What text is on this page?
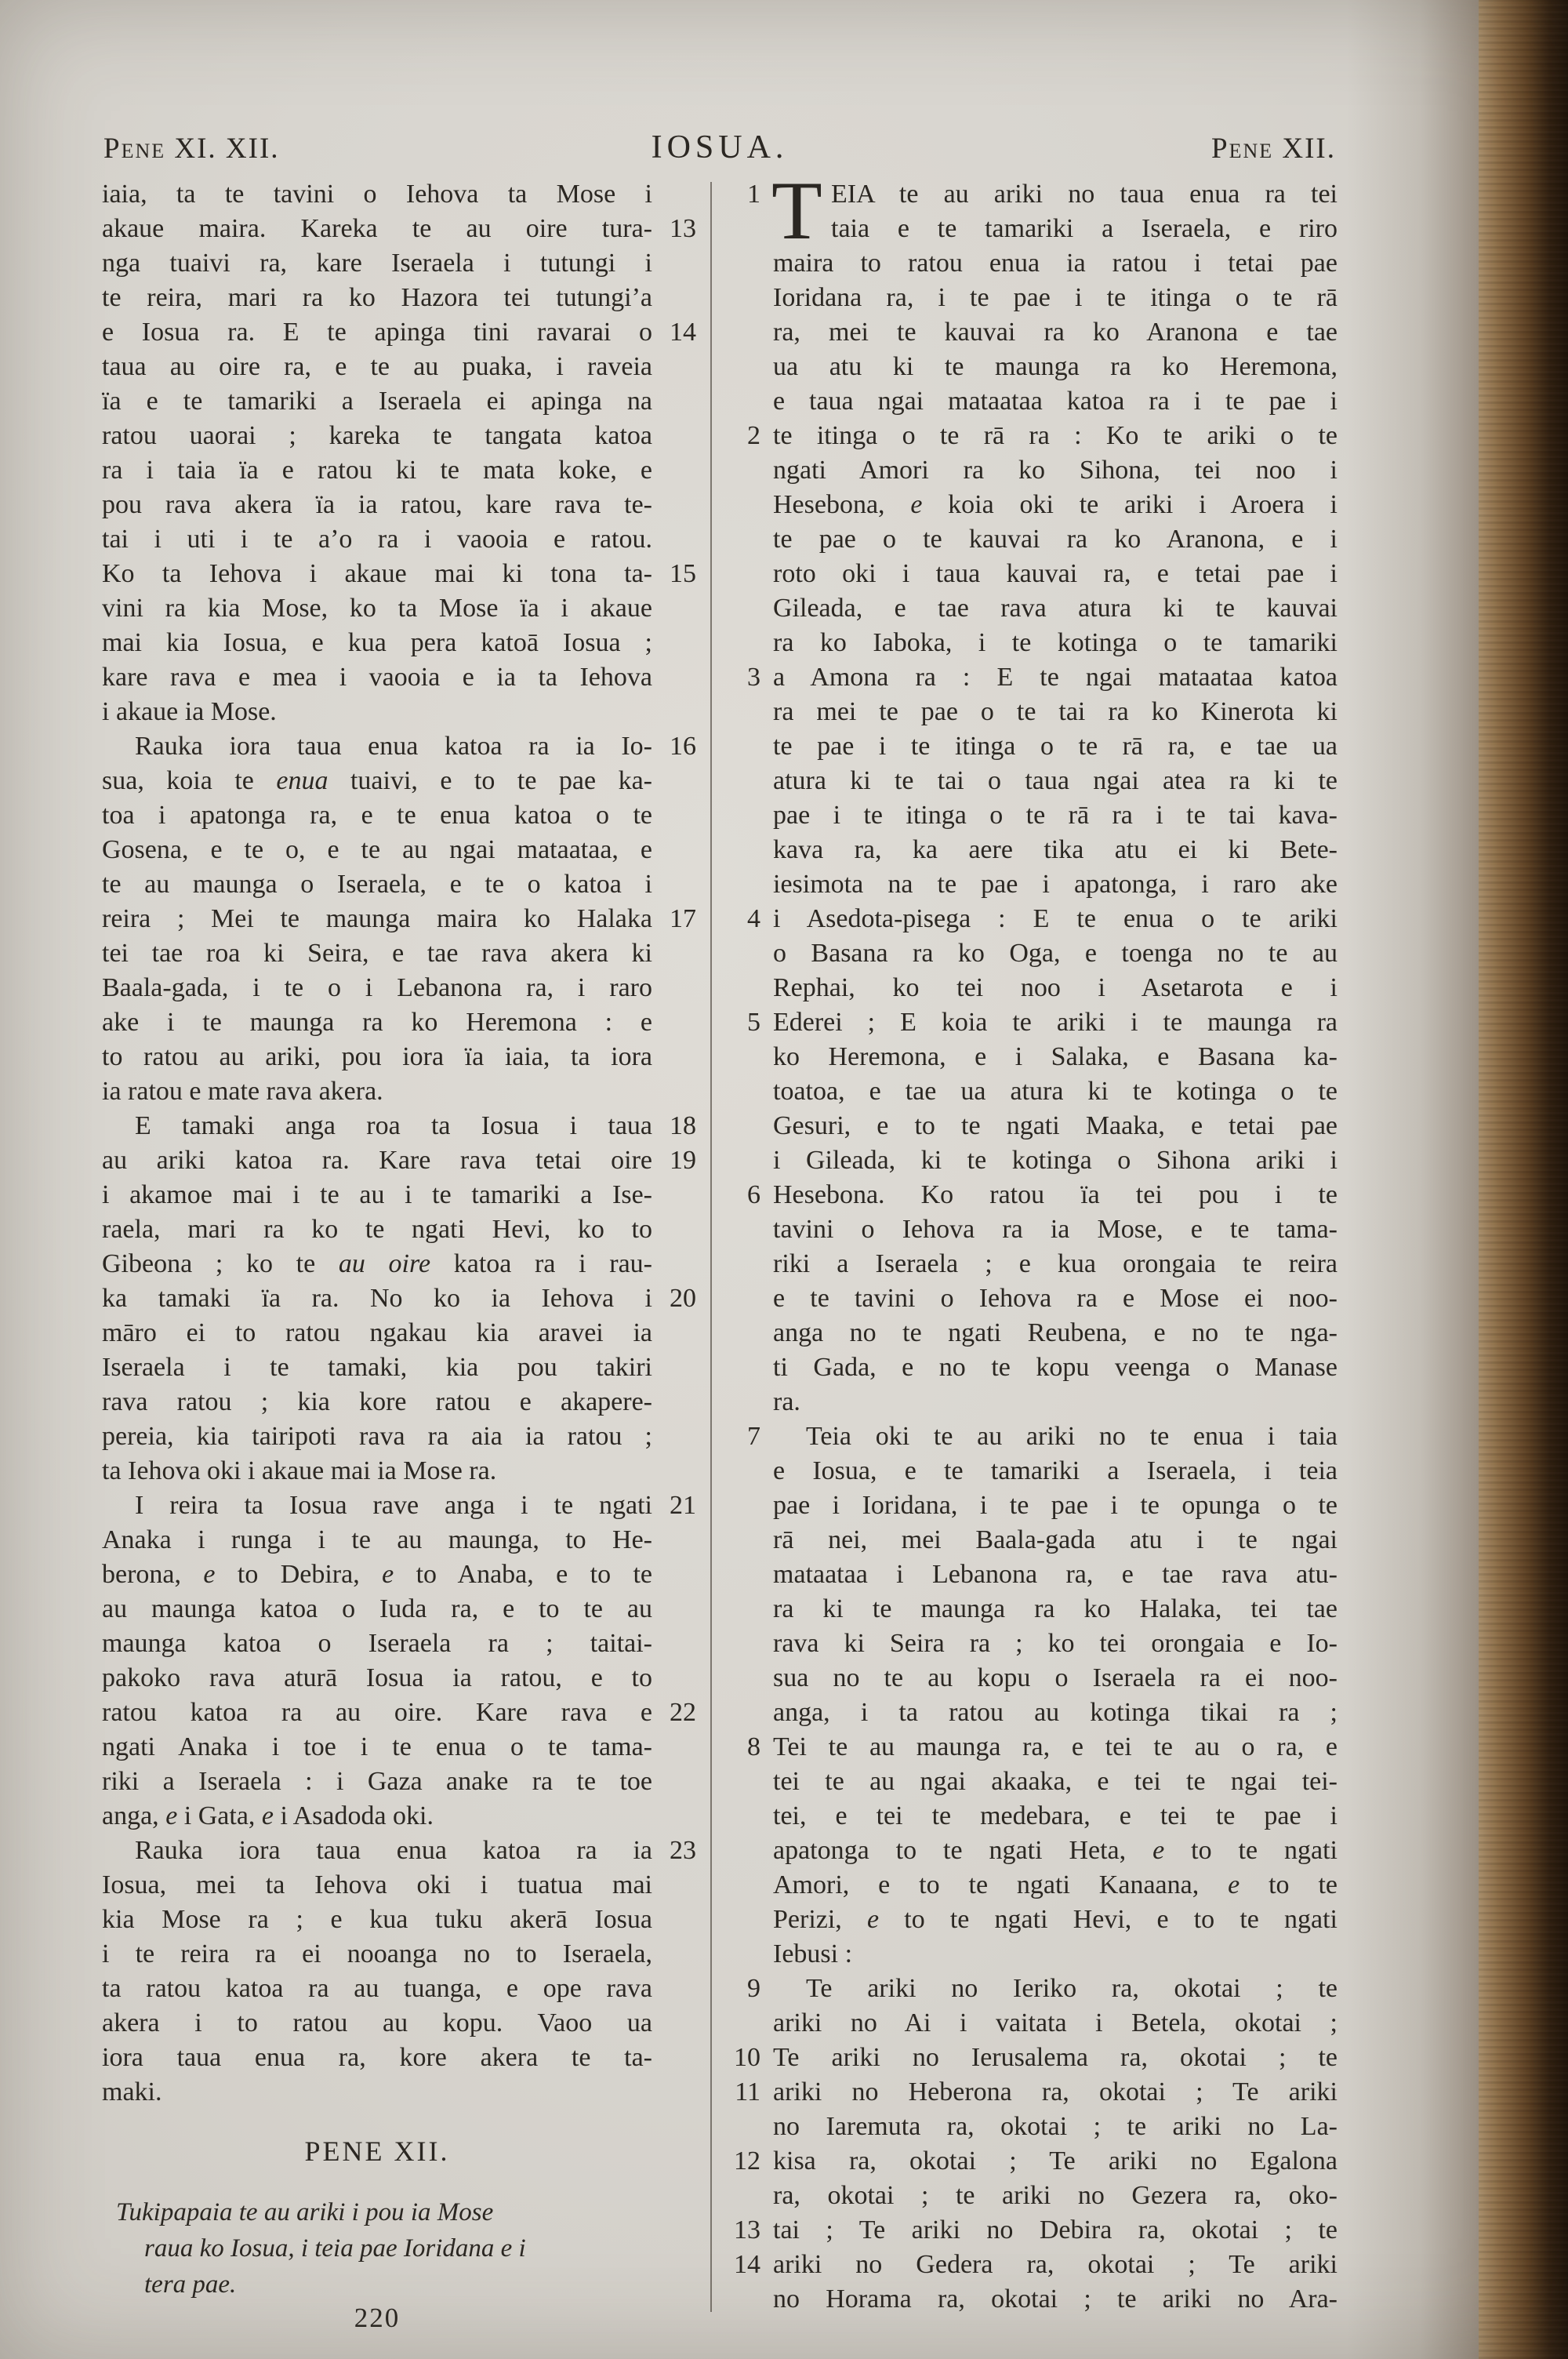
Pene XI. XII.	IOSUA.	Pene XII.
iaia, ta te tavini o Iehova ta Mose i
akaue maira. Kareka te au oire tura- 13
nga tuaivi ra, kare Iseraela i tutungi i
te reira, mari ra ko Hazora tei tutungi’a
e Iosua ra. E te apinga tini ravarai o 14
taua au oire ra, e te au puaka, i raveia
ïa e te tamariki a Iseraela ei apinga na
ratou uaorai ; kareka te tangata katoa
ra i taia ïa e ratou ki te mata koke, e
pou rava akera ïa ia ratou, kare rava te-
tai i uti i te a’o ra i vaooia e ratou.
Ko ta Iehova i akaue mai ki tona ta- 15
vini ra kia Mose, ko ta Mose ïa i akaue
mai kia Iosua, e kua pera katoā Iosua ;
kare rava e mea i vaooia e ia ta Iehova
i akaue ia Mose.
Rauka iora taua enua katoa ra ia Io- 16
sua, koia te enua tuaivi, e to te pae ka-
toa i apatonga ra, e te enua katoa o te
Gosena, e te o, e te au ngai mataataa, e
te au maunga o Iseraela, e te o katoa i
reira ; Mei te maunga maira ko Halaka 17
tei tae roa ki Seira, e tae rava akera ki
Baala-gada, i te o i Lebanona ra, i raro
ake i te maunga ra ko Heremona : e
to ratou au ariki, pou iora ïa iaia, ta iora
ia ratou e mate rava akera.
E tamaki anga roa ta Iosua i taua 18
au ariki katoa ra. Kare rava tetai oire 19
i akamoe mai i te au i te tamariki a Ise-
raela, mari ra ko te ngati Hevi, ko to
Gibeona ; ko te au oire katoa ra i rau-
ka tamaki ïa ra. No ko ia Iehova i 20
māro ei to ratou ngakau kia aravei ia
Iseraela i te tamaki, kia pou takiri
rava ratou ; kia kore ratou e akapere-
pereia, kia tairipoti rava ra aia ia ratou ;
ta Iehova oki i akaue mai ia Mose ra.
I reira ta Iosua rave anga i te ngati 21
Anaka i runga i te au maunga, to He-
berona, e to Debira, e to Anaba, e to te
au maunga katoa o Iuda ra, e to te au
maunga katoa o Iseraela ra ; taitai-
pakoko rava aturā Iosua ia ratou, e to
ratou katoa ra au oire. Kare rava e 22
ngati Anaka i toe i te enua o te tama-
riki a Iseraela : i Gaza anake ra te toe
anga, e i Gata, e i Asadoda oki.
Rauka iora taua enua katoa ra ia 23
Iosua, mei ta Iehova oki i tuatua mai
kia Mose ra ; e kua tuku akerā Iosua
i te reira ra ei nooanga no to Iseraela,
ta ratou katoa ra au tuanga, e ope rava
akera i to ratou au kopu. Vaoo ua
iora taua enua ra, kore akera te ta-
maki.
T EIA te au ariki no taua enua ra tei
1
taia e te tamariki a Iseraela, e riro
maira to ratou enua ia ratou i tetai pae
Ioridana ra, i te pae i te itinga o te rā
ra, mei te kauvai ra ko Aranona e tae
ua atu ki te maunga ra ko Heremona,
e taua ngai mataataa katoa ra i te pae i
te itinga o te rā ra : Ko te ariki o te
2
ngati Amori ra ko Sihona, tei noo i
Hesebona, e koia oki te ariki i Aroera i
te pae o te kauvai ra ko Aranona, e i
roto oki i taua kauvai ra, e tetai pae i
Gileada, e tae rava atura ki te kauvai
ra ko Iaboka, i te kotinga o te tamariki
a Amona ra : E te ngai mataataa katoa
3
ra mei te pae o te tai ra ko Kinerota ki
te pae i te itinga o te rā ra, e tae ua
atura ki te tai o taua ngai atea ra ki te
pae i te itinga o te rā ra i te tai kava-
kava ra, ka aere tika atu ei ki Bete-
iesimota na te pae i apatonga, i raro ake
i Asedota-pisega : E te enua o te ariki
4
o Basana ra ko Oga, e toenga no te au
Rephai, ko tei noo i Asetarota e i
Ederei ; E koia te ariki i te maunga ra
5
ko Heremona, e i Salaka, e Basana ka-
toatoa, e tae ua atura ki te kotinga o te
Gesuri, e to te ngati Maaka, e tetai pae
i Gileada, ki te kotinga o Sihona ariki i
Hesebona. Ko ratou ïa tei pou i te
6
tavini o Iehova ra ia Mose, e te tama-
riki a Iseraela ; e kua orongaia te reira
e te tavini o Iehova ra e Mose ei noo-
anga no te ngati Reubena, e no te nga-
ti Gada, e no te kopu veenga o Manase
ra.
Teia oki te au ariki no te enua i taia
7
e Iosua, e te tamariki a Iseraela, i teia
pae i Ioridana, i te pae i te opunga o te
rā nei, mei Baala-gada atu i te ngai
mataataa i Lebanona ra, e tae rava atu-
ra ki te maunga ra ko Halaka, tei tae
rava ki Seira ra ; ko tei orongaia e Io-
sua no te au kopu o Iseraela ra ei noo-
anga, i ta ratou au kotinga tikai ra ;
Tei te au maunga ra, e tei te au o ra, e
8
tei te au ngai akaaka, e tei te ngai tei-
tei, e tei te medebara, e tei te pae i
apatonga to te ngati Heta, e to te ngati
Amori, e to te ngati Kanaana, e to te
Perizi, e to te ngati Hevi, e to te ngati
Iebusi :
Te ariki no Ieriko ra, okotai ; te
9
ariki no Ai i vaitata i Betela, okotai ;
Te ariki no Ierusalema ra, okotai ; te
10
ariki no Heberona ra, okotai ; Te ariki
11
no Iaremuta ra, okotai ; te ariki no La-
kisa ra, okotai ; Te ariki no Egalona
12
ra, okotai ; te ariki no Gezera ra, oko-
tai ; Te ariki no Debira ra, okotai ; te
13
ariki no Gedera ra, okotai ; Te ariki
14
no Horama ra, okotai ; te ariki no Ara-
PENE XII.
Tukipapaia te au ariki i pou ia Mose
raua ko Iosua, i teia pae Ioridana e i
tera pae.
220
